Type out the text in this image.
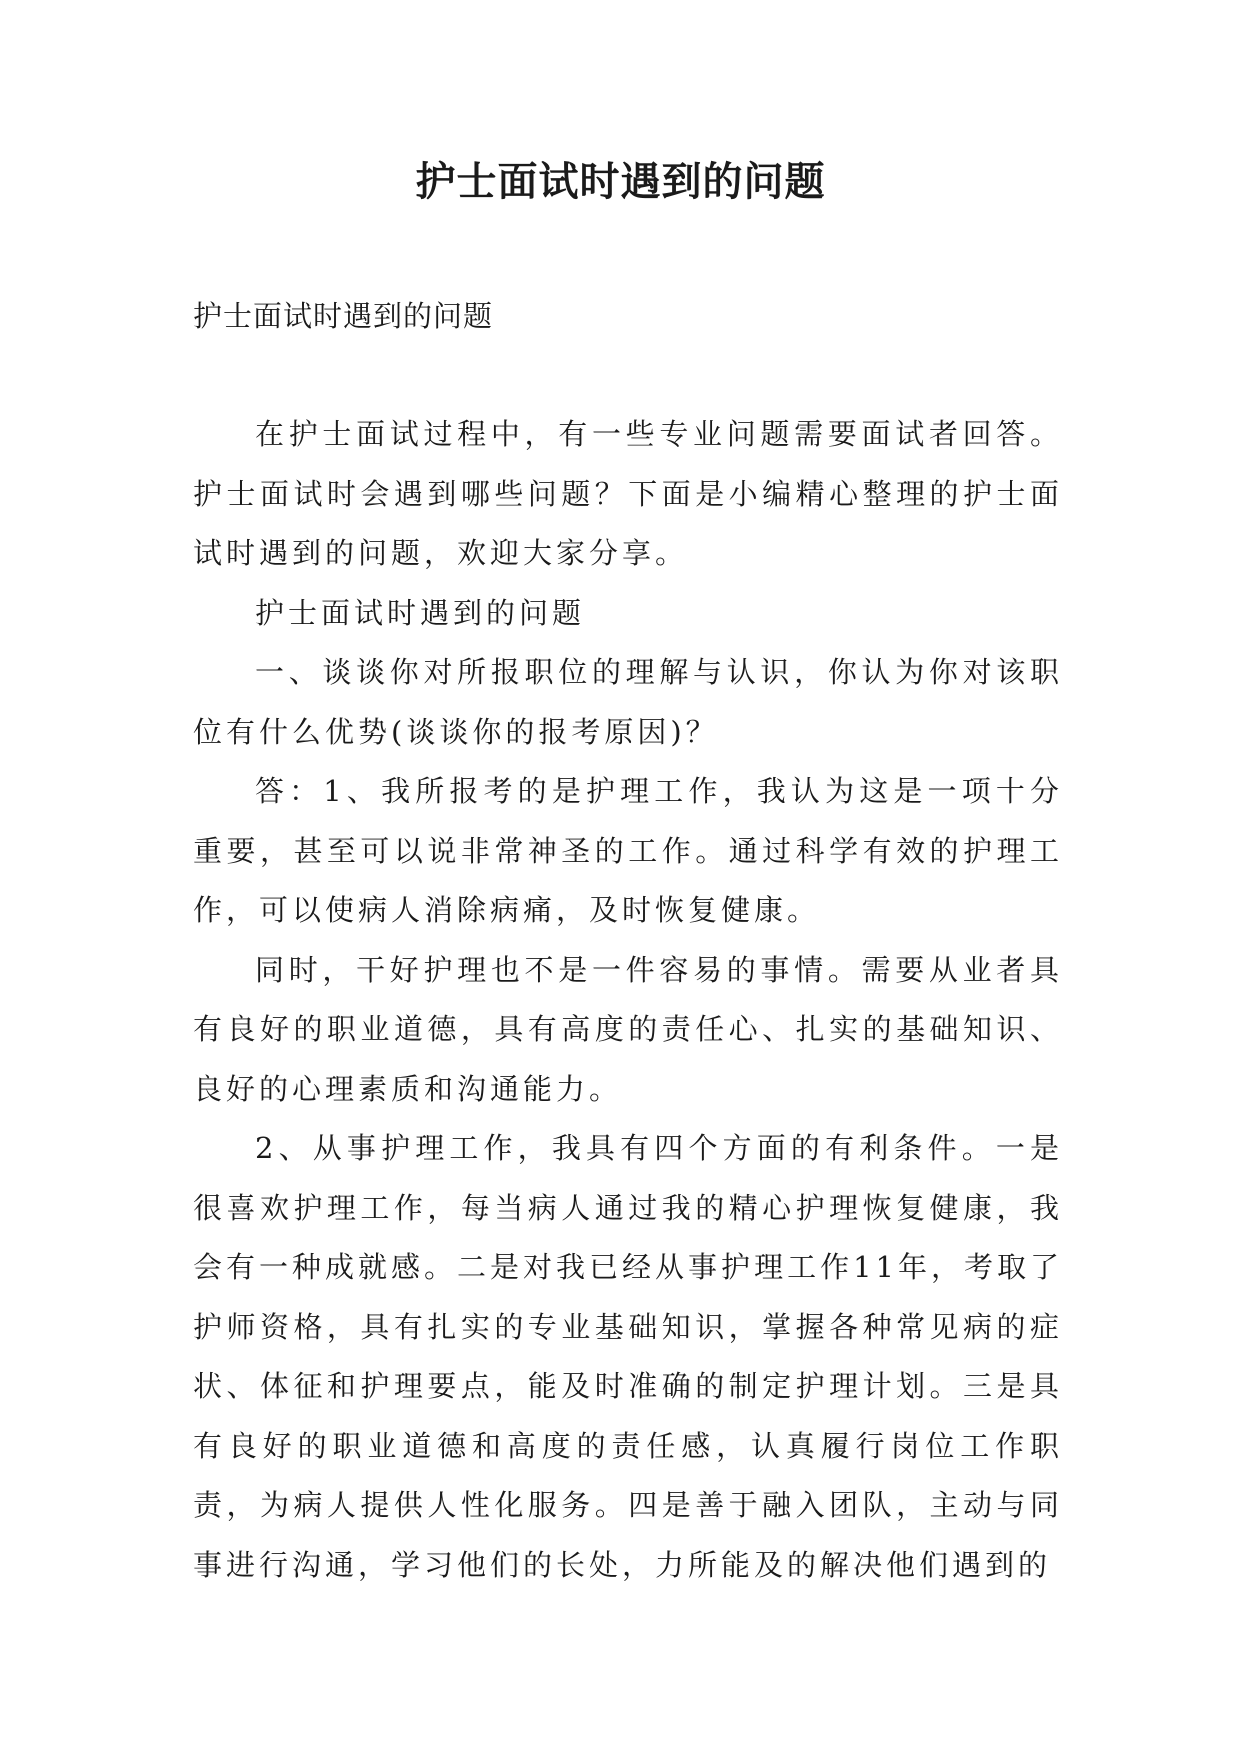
护士面试时遇到的问题
护士面试时遇到的问题

在护士面试过程中，有一些专业问题需要面试者回答。护士面试时会遇到哪些问题？下面是小编精心整理的护士面试时遇到的问题，欢迎大家分享。

护士面试时遇到的问题

一、谈谈你对所报职位的理解与认识，你认为你对该职位有什么优势(谈谈你的报考原因)？

答：1、我所报考的是护理工作，我认为这是一项十分重要，甚至可以说非常神圣的工作。通过科学有效的护理工作，可以使病人消除病痛，及时恢复健康。

同时，干好护理也不是一件容易的事情。需要从业者具有良好的职业道德，具有高度的责任心、扎实的基础知识、良好的心理素质和沟通能力。

2、从事护理工作，我具有四个方面的有利条件。一是很喜欢护理工作，每当病人通过我的精心护理恢复健康，我会有一种成就感。二是对我已经从事护理工作11年，考取了护师资格，具有扎实的专业基础知识，掌握各种常见病的症状、体征和护理要点，能及时准确的制定护理计划。三是具有良好的职业道德和高度的责任感，认真履行岗位工作职责，为病人提供人性化服务。四是善于融入团队，主动与同事进行沟通，学习他们的长处，力所能及的解决他们遇到的
